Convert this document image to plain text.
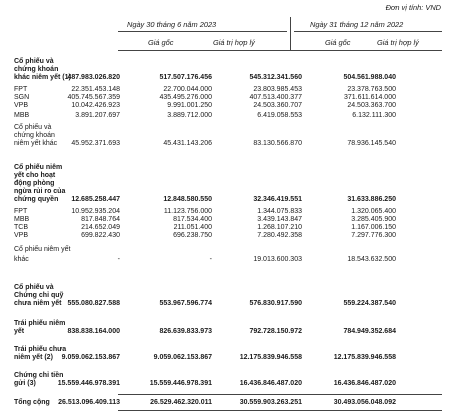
Đơn vị tính: VND
Ngày 30 tháng 6 năm 2023	Ngày 31 tháng 12 năm 2022
Giá gốc	Giá trị hợp lý	Giá gốc	Giá trị hợp lý
Cổ phiếu và
chứng khoán
khác niêm yết (1)
487.983.026.820	517.507.176.456	545.312.341.560	504.561.988.040
FPT	22.351.453.148	22.700.044.000	23.803.985.453	23.378.763.500
SGN	405.745.567.359	435.495.276.000	407.513.400.377	371.611.614.000
VPB	10.042.426.923	9.991.001.250	24.503.360.707	24.503.363.700
MBB	3.891.207.697	3.889.712.000	6.419.058.553	6.132.111.300
Cổ phiếu và
chứng khoán
niêm yết khác	45.952.371.693	45.431.143.206	83.130.566.870	78.936.145.540
Cổ phiếu niêm
yết cho hoạt
động phòng
ngừa rủi ro của
chứng quyền	12.685.258.447	12.848.580.550	32.346.419.551	31.633.886.250
FPT	10.952.935.204	11.123.756.000	1.344.075.833	1.320.065.400
MBB	817.848.764	817.534.400	3.439.143.847	3.285.405.900
TCB	214.652.049	211.051.400	1.268.107.210	1.167.006.150
VPB	699.822.430	696.238.750	7.280.492.358	7.297.776.300
Cổ phiếu niêm yết
khác	-	-	19.013.600.303	18.543.632.500
Cổ phiếu và
Chứng chỉ quỹ
chưa niêm yết 555.080.827.588	553.967.596.774	576.830.917.590	559.224.387.540
Trái phiếu niêm
yết	838.838.164.000	826.639.833.973	792.728.150.972	784.949.352.684
Trái phiếu chưa
niêm yết (2)	9.059.062.153.867	9.059.062.153.867	12.175.839.946.558	12.175.839.946.558
Chứng chỉ tiền
gửi (3)	15.559.446.978.391	15.559.446.978.391	16.436.846.487.020	16.436.846.487.020
Tổng cộng	26.513.096.409.113	26.529.462.320.011	30.559.903.263.251	30.493.056.048.092
